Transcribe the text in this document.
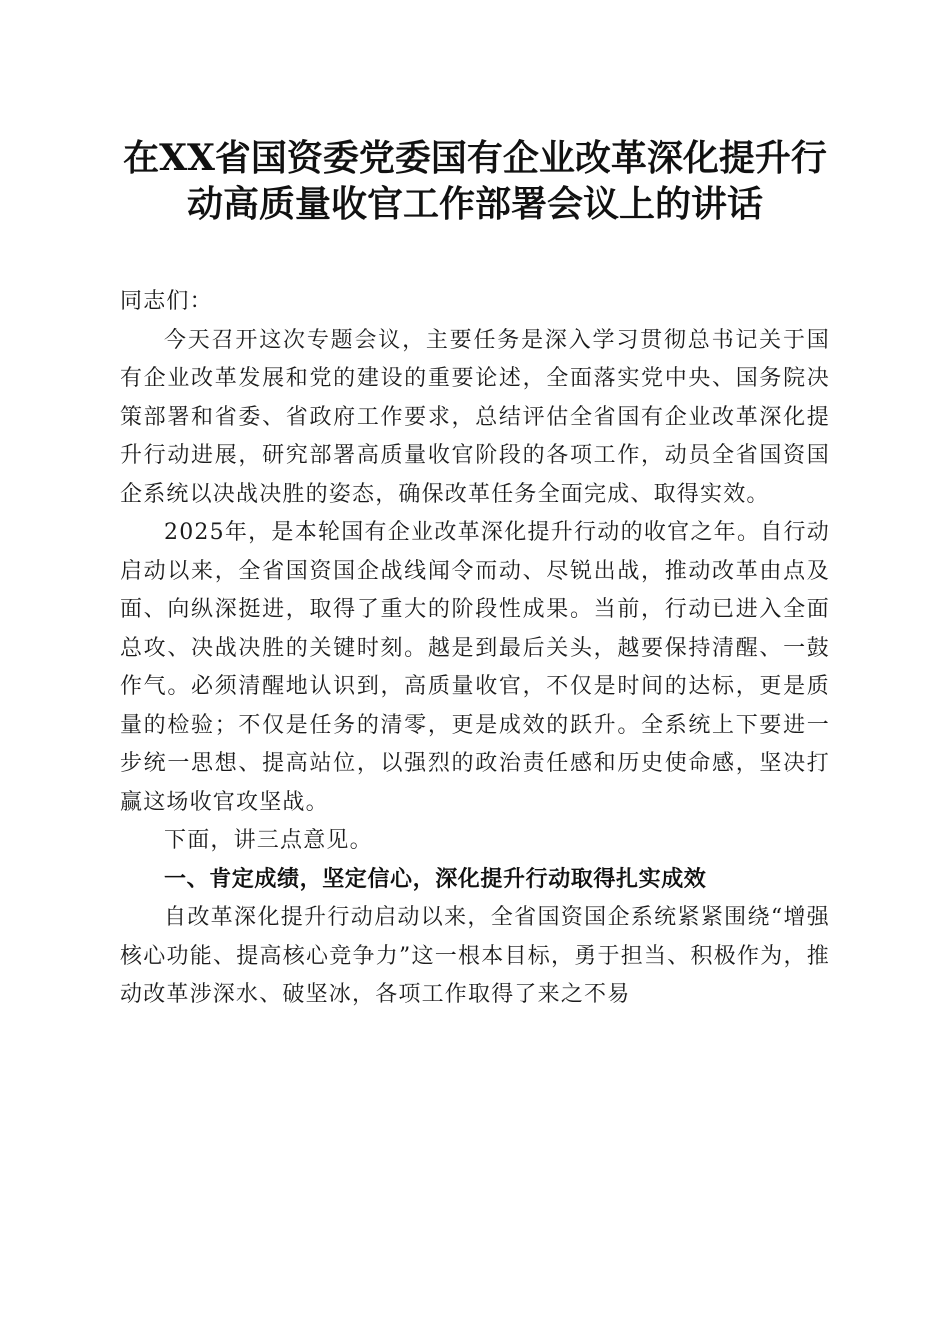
在XX省国资委党委国有企业改革深化提升行
动高质量收官工作部署会议上的讲话

同志们：

今天召开这次专题会议，主要任务是深入学习贯彻总书记关于国有企业改革发展和党的建设的重要论述，全面落实党中央、国务院决策部署和省委、省政府工作要求，总结评估全省国有企业改革深化提升行动进展，研究部署高质量收官阶段的各项工作，动员全省国资国企系统以决战决胜的姿态，确保改革任务全面完成、取得实效。

2025年，是本轮国有企业改革深化提升行动的收官之年。自行动启动以来，全省国资国企战线闻令而动、尽锐出战，推动改革由点及面、向纵深挺进，取得了重大的阶段性成果。当前，行动已进入全面总攻、决战决胜的关键时刻。越是到最后关头，越要保持清醒、一鼓作气。必须清醒地认识到，高质量收官，不仅是时间的达标，更是质量的检验；不仅是任务的清零，更是成效的跃升。全系统上下要进一步统一思想、提高站位，以强烈的政治责任感和历史使命感，坚决打赢这场收官攻坚战。

下面，讲三点意见。

一、肯定成绩，坚定信心，深化提升行动取得扎实成效

自改革深化提升行动启动以来，全省国资国企系统紧紧围绕“增强核心功能、提高核心竞争力”这一根本目标，勇于担当、积极作为，推动改革涉深水、破坚冰，各项工作取得了来之不易
